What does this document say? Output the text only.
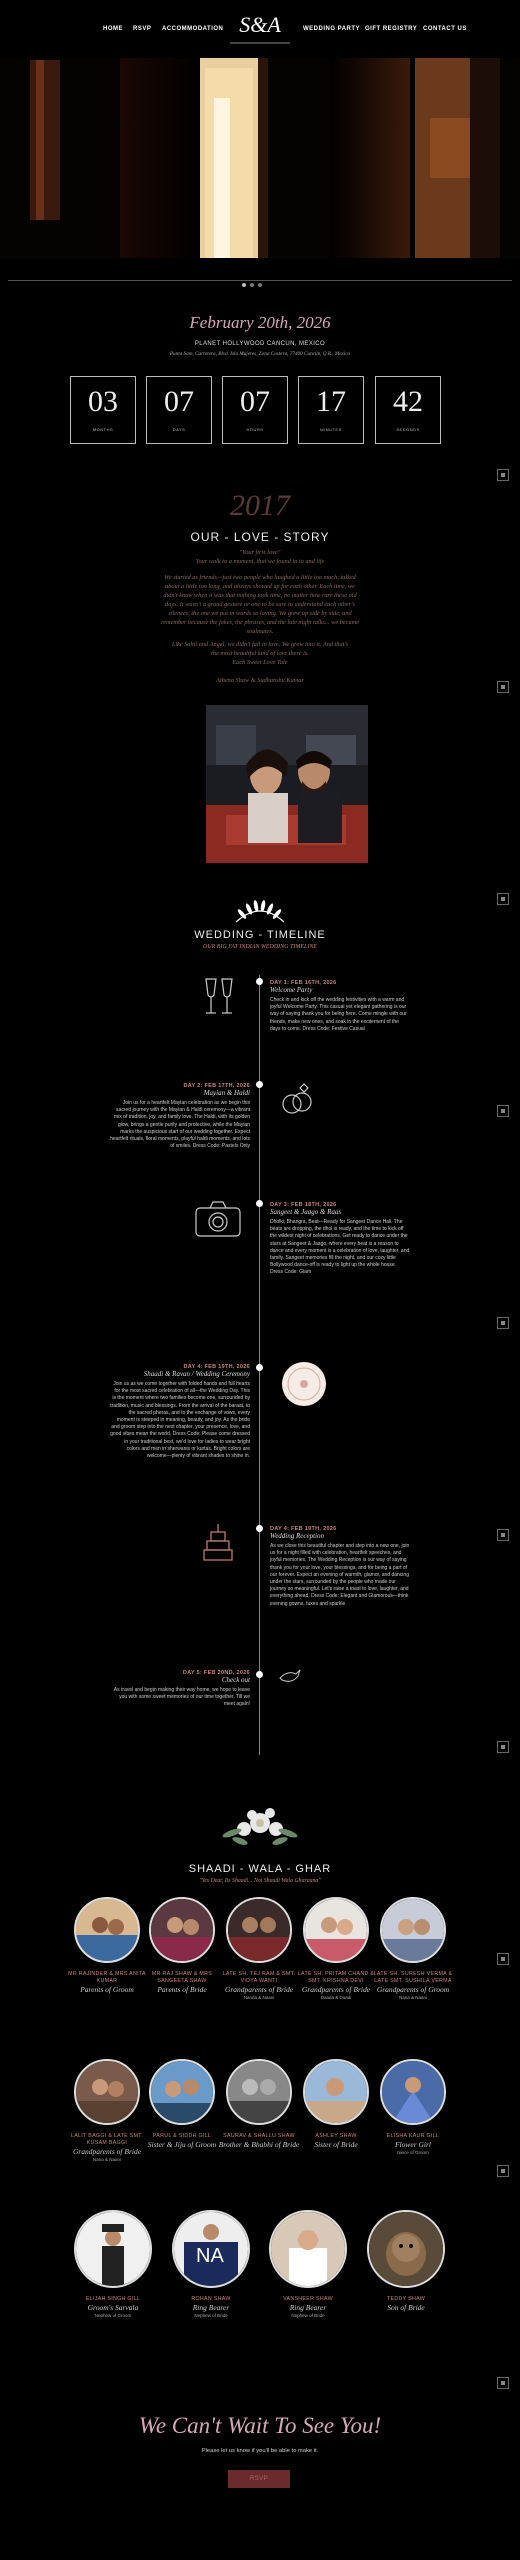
HOME RSVP ACCOMMODATION S&A	WEDDING PARTY GIFT REGISTRY CONTACT US
February 20th, 2026
PLANET HOLLYWOOD CANCUN, MEXICO
Punta Sam, Carretera, Blvd. Isla Mujeres, Zona Costera, 77400 Cancún, Q.R., Mexico
03
MONTHS
07
DAYS
07
HOURS
17
MINUTES
42
SECONDS
2017
OUR - LOVE - STORY
"Your first love"
Your walk to a moment, that we found in to and life
We started as friends—just two people who laughed a little too much, talked about a little too long, and always showed up for each other. Each time, we didn't know when it was that nothing took time, no matter how rare these old days. It wasn't a grand gesture or one to be sure to understand each other's silences, the one we put in words so loving. We grew up side by side, and remember because the jokes, the phrases, and the late night talks... we became soulmates.
Like Sahil and Angel, we didn't fall in love. We grew into it. And that's the most beautiful kind of love there is.
Each Sweet Love Tale
Athena Shaw & Sudhanshu Kumar
WEDDING - TIMELINE
OUR BIG FAT INDIAN WEDDING TIMELINE
DAY 1: FEB 16TH, 2026
Welcome Party
Check in and kick off the wedding festivities with a warm and joyful Welcome Party. This casual yet elegant gathering is our way of saying thank you for being here. Come mingle with our friends, make new ones, and soak in the excitement of the days to come. Dress Code: Festive Casual
DAY 2: FEB 17TH, 2026
Mayian & Haldi
Join us for a heartfelt Mayian celebration as we begin this sacred journey with the Mayian & Haldi ceremony—a vibrant mix of tradition, joy, and family love. The Haldi, with its golden glow, brings a gentle purity and protective, while the Mayian marks the auspicious start of our wedding together. Expect heartfelt rituals, floral moments, playful haldi moments, and lots of smiles. Dress Code: Pastels Only
DAY 3: FEB 18TH, 2026
Sangeet & Jaago & Raas
Dholki, Bhangra, Beat—Ready for Sangeet Dance Hall. The beats are dropping, the dhol is ready, and the time to kick off the wildest night of celebrations. Get ready to dance under the stars at Sangeet & Jaago, where every beat is a reason to dance and every moment is a celebration of love, laughter, and family. Sangeet memories fill the night, and our cozy little Bollywood dance-off is ready to light up the whole house. Dress Code: Glam
DAY 4: FEB 19TH, 2026
Shaadi & Ravan / Wedding Ceremony
Join us as we come together with folded hands and full hearts for the most sacred celebration of all—the Wedding Day. This is the moment where two families become one, surrounded by tradition, music and blessings. From the arrival of the baraat, to the sacred pheras, and to the exchange of vows, every moment is steeped in meaning, beauty, and joy. As the bride and groom step into the next chapter, your presence, love, and good vibes mean the world. Dress Code: Please come dressed in your traditional best, we'd love for ladies to wear bright colors and men in sherwanis or kurtas. Bright colors are welcome—plenty of vibrant shades to shine in.
DAY 4: FEB 19TH, 2026
Wedding Reception
As we close this beautiful chapter and step into a new one, join us for a night filled with celebration, heartfelt speeches, and joyful memories. The Wedding Reception is our way of saying thank you for your love, your blessings, and for being a part of our forever. Expect an evening of warmth, glamor, and dancing under the stars, surrounded by the people who made our journey so meaningful. Let's raise a toast to love, laughter, and everything ahead. Dress Code: Elegant and Glamorous—think evening gowns, tuxes and sparkle
DAY 5: FEB 20ND, 2026
Check out
As travel and begin making their way home, we hope to leave you with some sweet memories of our time together. Till we meet again!
SHAADI - WALA - GHAR
"Yes Dear, Its Shaadi... Not Shaadi Wala Gharaana"
MR RAJINDER & MRS ANITA KUMAR
Parents of Groom
MR RAJ SHAW & MRS SANGEETA SHAW
Parents of Bride
LATE SH. TEJ RAM & SMT. VIDYA WANTI
Grandparents of Bride
Nanda & Naani
LATE SH. PRITAM CHAND & SMT. KRISHNA DEVI
Grandparents of Bride
Daada & Daadi
LATE SH. SURESH VERMA & LATE SMT. SUSHILA VERMA
Grandparents of Groom
Nana & Naani
LALIT BAGGI & LATE SMT. KUSAM BAGGI
Grandparents of Bride
Nana & Naani
PARUL & SIDDH GILL
Sister & Jiju of Groom
SAURAV & SHALLU SHAW
Brother & Bhabhi of Bride
ASHLEY SHAW
Sister of Bride
ELISHA KAUR GILL
Flower Girl
Niece of Groom
ELIJAH SINGH GILL
Groom's Sarvala
Nephew of Groom
NA
ROHAN SHAW
Ring Bearer
Nephew of Bride
VANSHEER SHAW
Ring Bearer
Nephew of Bride
TEDDY SHAW
Son of Bride
We Can't Wait To See You!
Please let us know if you'll be able to make it.
RSVP
